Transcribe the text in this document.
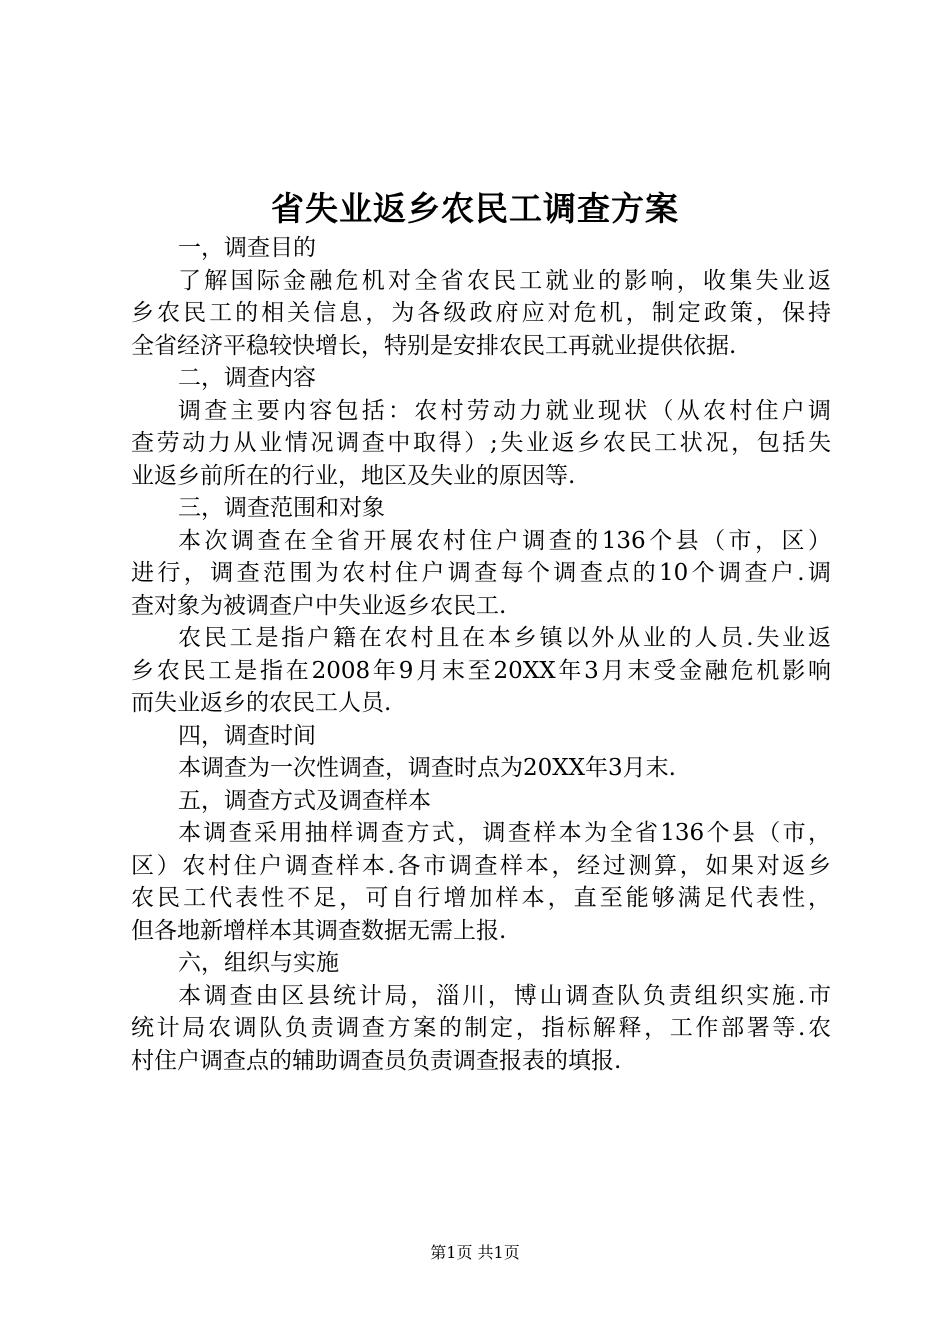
省失业返乡农民工调查方案
一，调查目的
了解国际金融危机对全省农民工就业的影响，收集失业返
乡农民工的相关信息，为各级政府应对危机，制定政策，保持
全省经济平稳较快增长，特别是安排农民工再就业提供依据.
二，调查内容
调查主要内容包括：农村劳动力就业现状（从农村住户调
查劳动力从业情况调查中取得）;失业返乡农民工状况，包括失
业返乡前所在的行业，地区及失业的原因等.
三，调查范围和对象
本次调查在全省开展农村住户调查的136个县（市，区）
进行，调查范围为农村住户调查每个调查点的10个调查户.调
查对象为被调查户中失业返乡农民工.
农民工是指户籍在农村且在本乡镇以外从业的人员.失业返
乡农民工是指在2008年9月末至20XX年3月末受金融危机影响
而失业返乡的农民工人员.
四，调查时间
本调查为一次性调查，调查时点为20XX年3月末.
五，调查方式及调查样本
本调查采用抽样调查方式，调查样本为全省136个县（市，
区）农村住户调查样本.各市调查样本，经过测算，如果对返乡
农民工代表性不足，可自行增加样本，直至能够满足代表性，
但各地新增样本其调查数据无需上报.
六，组织与实施
本调查由区县统计局，淄川，博山调查队负责组织实施.市
统计局农调队负责调查方案的制定，指标解释，工作部署等.农
村住户调查点的辅助调查员负责调查报表的填报.
第1页 共1页
